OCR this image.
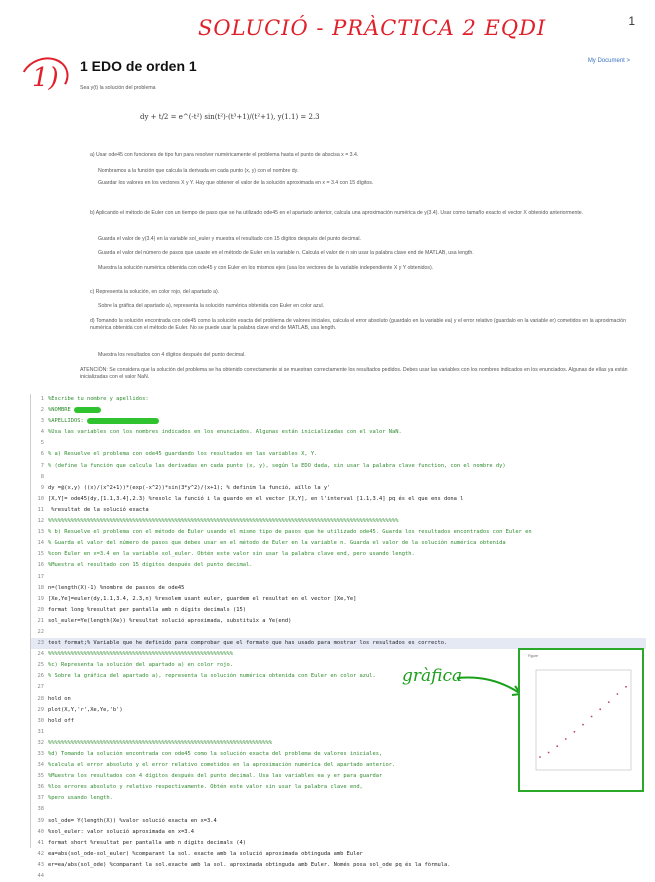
SOLUCIÓ - PRÀCTICA 2 EQDI
1)
1
1 EDO de orden 1	My Document >
Sea y(t) la solución del problema
dy + t/2 = e^(-t²) sin(t²)·(t³+1)/(t²+1), y(1.1) = 2.3
a) Usar ode45 con funciones de tipo fun para resolver numéricamente el problema hasta el punto de abscisa x = 3.4.
Nombramos a la función que calcula la derivada en cada punto (x, y) con el nombre dy.
Guardar los valores en los vectores X y Y. Hay que obtener el valor de la solución aproximada en x = 3.4 con 15 dígitos.
b) Aplicando el método de Euler con un tiempo de paso que se ha utilizado ode45 en el apartado anterior, calcula una aproximación numérica de y(3.4). Usar como tamaño exacto el vector X obtenido anteriormente.
Guarda el valor de y(3.4) en la variable sol_euler y muestra el resultado con 15 dígitos después del punto decimal.
Guarda el valor del número de pasos que usaste en el método de Euler en la variable n. Calcula el valor de n sin usar la palabra clave end de MATLAB, usa length.
Muestra la solución numérica obtenida con ode45 y con Euler en los mismos ejes (usa los vectores de la variable independiente X y Y obtenidos).
c) Representa la solución, en color rojo, del apartado a).
Sobre la gráfica del apartado a), representa la solución numérica obtenida con Euler en color azul.
d) Tomando la solución encontrada con ode45 como la solución exacta del problema de valores iniciales, calcula el error absoluto (guardalo en la variable ea) y el error relativo (guardalo en la variable er) cometidos en la aproximación numérica obtenida con el método de Euler. No se puede usar la palabra clave end de MATLAB, usa length.
Muestra los resultados con 4 dígitos después del punto decimal.
ATENCIÓN: Se considera que la solución del problema se ha obtenido correctamente si se muestran correctamente los resultados pedidos. Debes usar las variables con los nombres indicados en los enunciados. Algunas de ellas ya están inicializadas con el valor NaN.
1 %Escribe tu nombre y apellidos:
2 %NOMBRE xxxxxxx
3 %APELLIDOS: xxxxxxxxxxxxxxxxxxxxx
4 %Usa las variables con los nombres indicados en los enunciados. Algunas están inicializadas con el valor NaN.
5
6 % a) Resuelve el problema con ode45 guardando los resultados en las variables X, Y.
7 % (define la función que calcula las derivadas en cada punto (x, y), según la EDO dada, sin usar la palabra clave function, con el nombre dy)
8
9 dy =@(x,y) ((x)/(x^2+1))*(exp(-x^2))*sin(3*y^2)/(x+1); % definim la funció, aïllo la y'
10 [X,Y]= ode45(dy,[1.1,3.4],2.3) %resolc la funció i la guardo en el vector [X,Y], en l'interval [1.1,3.4] pq és el que ens dona l
11 %resultat de la solució exacta
12 %%%%%%%%%%%%%%%%%%%%%%%%%%%%%%%%%%%%%%%%%%%%%%%%%%%%%%%%%%%%%%%%%%%%%%%%%%%%%%%%%%%%%%%%%%%%%%%%%%%%%%%%%%%%
13 % b) Resuelve el problema con el método de Euler usando el mismo tipo de pasos que he utilizado ode45. Guarda los resultados encontrados con Euler en
14 % Guarda el valor del número de pasos que debes usar en el método de Euler en la variable n. Guarda el valor de la solución numérica obtenida
15 %con Euler en x=3.4 en la variable sol_euler. Obtén este valor sin usar la palabra clave end, pero usando length.
16 %Muestra el resultado con 15 dígitos después del punto decimal.
17
18 n=(length(X)-1) %nombre de passos de ode45
19 [Xe,Ye]=euler(dy,1.1,3.4, 2.3,n) %resolem usant euler, guardem el resultat en el vector [Xe,Ye]
20 format long %resultat per pantalla amb n dígits decimals (15)
21 sol_euler=Ye(length(Xe)) %resultat solució aproximada, substituïx a Ye(end)
22
23 test format;% Variable que he definido para comprobar que el formato que has usado para mostrar los resultados es correcto.
24 %%%%%%%%%%%%%%%%%%%%%%%%%%%%%%%%%%%%%%%%%%%%%%%%%%%%%%%%%
25 %c) Representa la solución del apartado a) en color rojo.
26 % Sobre la gráfica del apartado a), representa la solución numérica obtenida con Euler en color azul.
27
28 hold on
29 plot(X,Y,'r',Xe,Ye,'b')
30 hold off
31
32 %%%%%%%%%%%%%%%%%%%%%%%%%%%%%%%%%%%%%%%%%%%%%%%%%%%%%%%%%%%%%%%%%%%%%
33 %d) Tomando la solución encontrada con ode45 como la solución exacta del problema de valores iniciales,
34 %calcula el error absoluto y el error relativo cometidos en la aproximación numérica del apartado anterior.
35 %Muestra los resultados con 4 dígitos después del punto decimal. Usa las variables ea y er para guardar
36 %los errores absoluto y relativo respectivamente. Obtén este valor sin usar la palabra clave end,
37 %pero usando length.
38
39 sol_ode= Y(length(X)) %valor solució exacta en x=3.4
40 %sol_euler: valor solució aproximada en x=3.4
41 format short %resultat per pantalla amb n dígits decimals (4)
42 ea=abs(sol_ode-sol_euler) %comparant la sol. exacte amb la solució aproximada obtinguda amb Euler
43 er=ea/abs(sol_ode) %comparant la sol.exacte amb la sol. aproximada obtinguda amb Euler. Només posa sol_ode pq és la fòrmula.
44
gràfica
Figure
